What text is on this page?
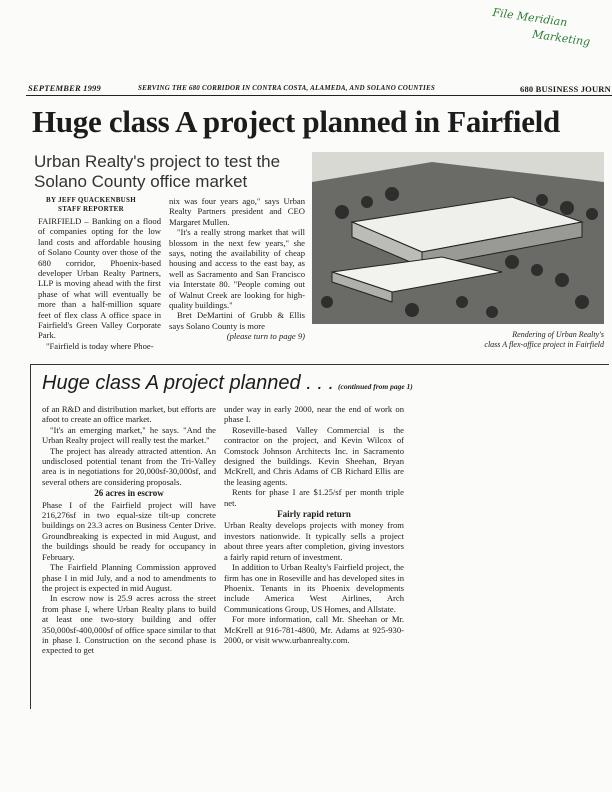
File Meridian
Marketing
SEPTEMBER 1999	SERVING THE 680 CORRIDOR IN CONTRA COSTA, ALAMEDA, AND SOLANO COUNTIES	680 BUSINESS JOURN
Huge class A project planned in Fairfield
Urban Realty's project to test the
Solano County office market
BY JEFF QUACKENBUSH
STAFF REPORTER

FAIRFIELD – Banking on a flood of companies opting for the low land costs and affordable housing of Solano County over those of the 680 corridor, Phoenix-based developer Urban Realty Partners, LLP is moving ahead with the first phase of what will eventually be more than a half-million square feet of flex class A office space in Fairfield's Green Valley Corporate Park.

"Fairfield is today where Phoe-

nix was four years ago," says Urban Realty Partners president and CEO Margaret Mullen.

"It's a really strong market that will blossom in the next few years," she says, noting the availability of cheap housing and access to the east bay, as well as Sacramento and San Francisco via Interstate 80. "People coming out of Walnut Creek are looking for high-quality buildings."

Bret DeMartini of Grubb & Ellis says Solano County is more

(please turn to page 9)	Rendering of Urban Realty's
class A flex-office project in Fairfield
Huge class A project planned . . . (continued from page 1)

of an R&D and distribution market, but efforts are afoot to create an office market.

"It's an emerging market," he says. "And the Urban Realty project will really test the market."

The project has already attracted attention. An undisclosed potential tenant from the Tri-Valley area is in negotiations for 20,000sf-30,000sf, and several others are considering proposals.

26 acres in escrow

Phase I of the Fairfield project will have 216,276sf in two equal-size tilt-up concrete buildings on 23.3 acres on Business Center Drive. Groundbreaking is expected in mid August, and the buildings should be ready for occupancy in February.

The Fairfield Planning Commission approved phase I in mid July, and a nod to amendments to the project is expected in mid August.

In escrow now is 25.9 acres across the street from phase I, where Urban Realty plans to build at least one two-story building and offer 350,000sf-400,000sf of office space similar to that in phase I. Construction on the second phase is expected to get

under way in early 2000, near the end of work on phase I.

Roseville-based Valley Commercial is the contractor on the project, and Kevin Wilcox of Comstock Johnson Architects Inc. in Sacramento designed the buildings. Kevin Sheehan, Bryan McKrell, and Chris Adams of CB Richard Ellis are the leasing agents.

Rents for phase I are $1.25/sf per month triple net.

Fairly rapid return

Urban Realty develops projects with money from investors nationwide. It typically sells a project about three years after completion, giving investors a fairly rapid return of investment.

In addition to Urban Realty's Fairfield project, the firm has one in Roseville and has developed sites in Phoenix. Tenants in its Phoenix developments include America West Airlines, Arch Communications Group, US Homes, and Allstate.

For more information, call Mr. Sheehan or Mr. McKrell at 916-781-4800, Mr. Adams at 925-930-2000, or visit www.urbanrealty.com.
